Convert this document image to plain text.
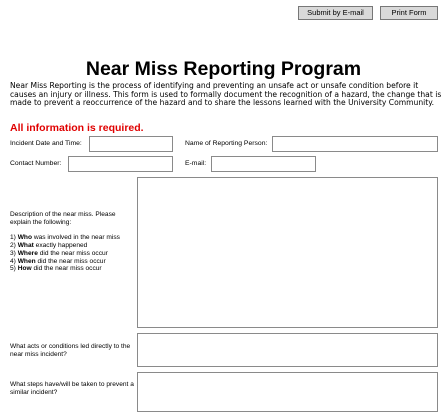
Submit by E-mail	Print Form
Near Miss Reporting Program
Near Miss Reporting is the process of identifying and preventing an unsafe act or unsafe condition before it causes an injury or illness. This form is used to formally document the recognition of a hazard, the change that is made to prevent a reoccurrence of the hazard and to share the lessons learned with the University Community.
All information is required.
Incident Date and Time:	Name of Reporting Person:
Contact Number:	E-mail:

Description of the near miss. Please explain the following:

1) Who was involved in the near miss
2) What exactly happened
3) Where did the near miss occur
4) When did the near miss occur
5) How did the near miss occur
What acts or conditions led directly to the near miss incident?
What steps have/will be taken to prevent a similar incident?
